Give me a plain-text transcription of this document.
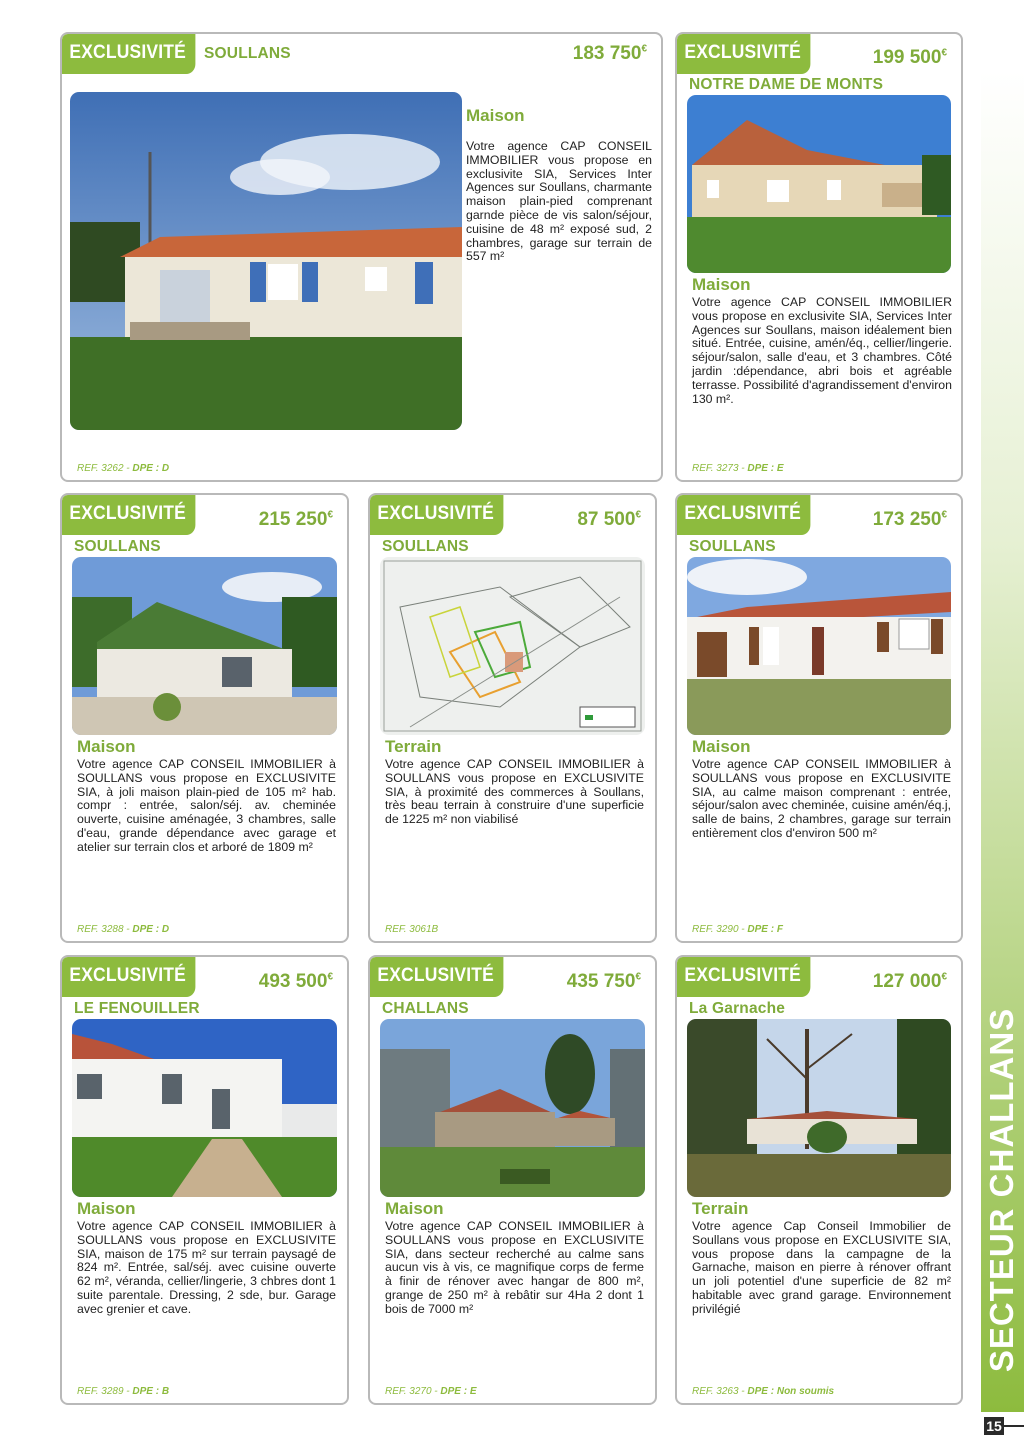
EXCLUSIVITÉ	SOULLANS	183 750€
Maison
Votre agence CAP CONSEIL IMMOBILIER vous propose en exclusivite SIA, Services Inter Agences sur Soullans, charmante maison plain-pied comprenant garnde pièce de vis salon/séjour, cuisine de 48 m² exposé sud, 2 chambres, garage sur terrain de 557 m²
REF. 3262 - DPE : D
EXCLUSIVITÉ	199 500€
NOTRE DAME DE MONTS
Maison
Votre agence CAP CONSEIL IMMOBILIER vous propose en exclusivite SIA, Services Inter Agences sur Soullans, maison idéalement bien situé. Entrée, cuisine, amén/éq., cellier/lingerie. séjour/salon, salle d'eau, et 3 chambres. Côté jardin :dépendance, abri bois et agréable terrasse. Possibilité d'agrandissement d'environ 130 m².
REF. 3273 - DPE : E
EXCLUSIVITÉ	215 250€
SOULLANS
Maison
Votre agence CAP CONSEIL IMMOBILIER à SOULLANS vous propose en EXCLUSIVITE SIA, à joli maison plain-pied de 105 m² hab. compr : entrée, salon/séj. av. cheminée ouverte, cuisine aménagée, 3 chambres, salle d'eau, grande dépendance avec garage et atelier sur terrain clos et arboré de 1809 m²
REF. 3288 - DPE : D
EXCLUSIVITÉ	87 500€
SOULLANS
Terrain
Votre agence CAP CONSEIL IMMOBILIER à SOULLANS vous propose en EXCLUSIVITE SIA, à proximité des commerces à Soullans, très beau terrain à construire d'une superficie de 1225 m² non viabilisé
REF. 3061B
EXCLUSIVITÉ	173 250€
SOULLANS
Maison
Votre agence CAP CONSEIL IMMOBILIER à SOULLANS vous propose en EXCLUSIVITE SIA, au calme maison comprenant : entrée, séjour/salon avec cheminée, cuisine amén/éq.j, salle de bains, 2 chambres, garage sur terrain entièrement clos d'environ 500 m²
REF. 3290 - DPE : F
EXCLUSIVITÉ	493 500€
LE FENOUILLER
Maison
Votre agence CAP CONSEIL IMMOBILIER à SOULLANS vous propose en EXCLUSIVITE SIA, maison de 175 m² sur terrain paysagé de 824 m². Entrée, sal/séj. avec cuisine ouverte 62 m², véranda, cellier/lingerie, 3 chbres dont 1 suite parentale. Dressing, 2 sde, bur. Garage avec grenier et cave.
REF. 3289 - DPE : B
EXCLUSIVITÉ	435 750€
CHALLANS
Maison
Votre agence CAP CONSEIL IMMOBILIER à SOULLANS vous propose en EXCLUSIVITE SIA, dans secteur recherché au calme sans aucun vis à vis, ce magnifique corps de ferme à finir de rénover avec hangar de 800 m², grange de 250 m² à rebâtir sur 4Ha 2 dont 1 bois de 7000 m²
REF. 3270 - DPE : E
EXCLUSIVITÉ	127 000€
La Garnache
Terrain
Votre agence Cap Conseil Immobilier de Soullans vous propose en EXCLUSIVITE SIA, vous propose dans la campagne de la Garnache, maison en pierre à rénover offrant un joli potentiel d'une superficie de 82 m² habitable avec grand garage. Environnement privilégié
REF. 3263 - DPE : Non soumis
SECTEUR CHALLANS
15
